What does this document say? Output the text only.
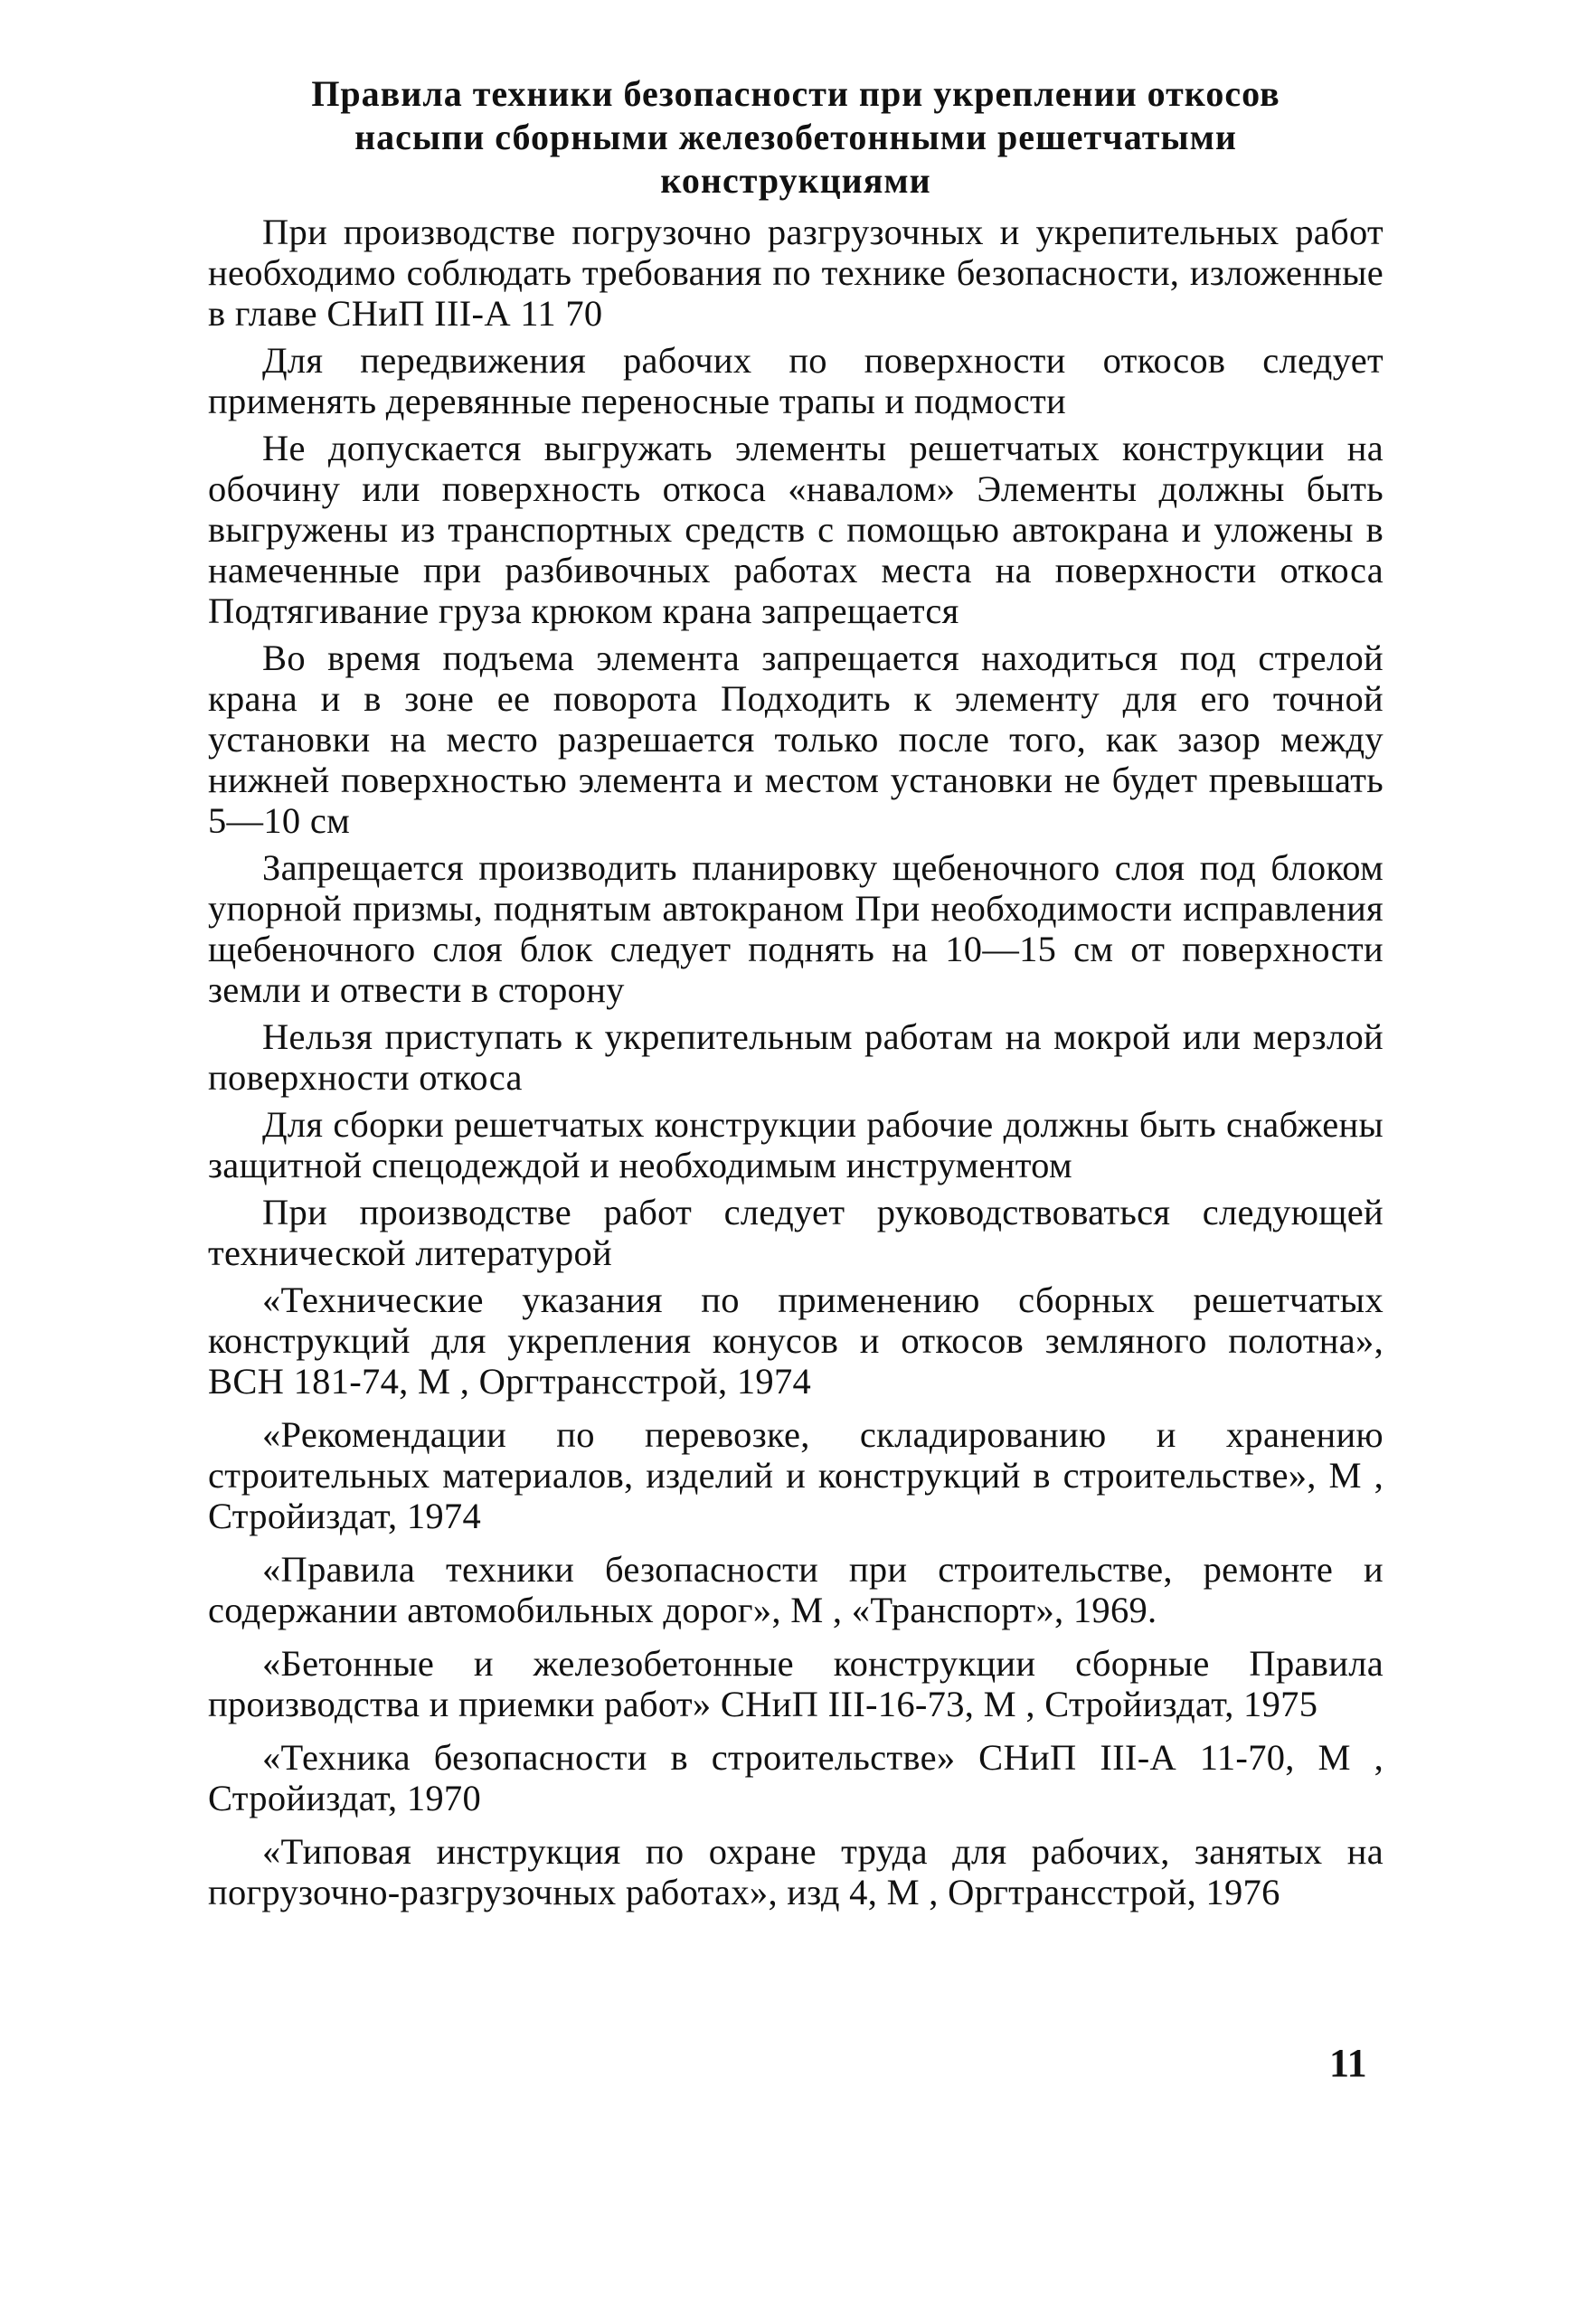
Правила техники безопасности при укреплении откосов
насыпи сборными железобетонными решетчатыми
конструкциями

При производстве погрузочно разгрузочных и укрепительных работ необходимо соблюдать требования по технике безопасности, изложенные в главе СНиП III-А 11 70

Для передвижения рабочих по поверхности откосов следует применять деревянные переносные трапы и подмости

Не допускается выгружать элементы решетчатых конструкции на обочину или поверхность откоса «навалом» Элементы должны быть выгружены из транспортных средств с помощью автокрана и уложены в намеченные при разбивочных работах места на поверхности откоса Подтягивание груза крюком крана запрещается

Во время подъема элемента запрещается находиться под стрелой крана и в зоне ее поворота Подходить к элементу для его точной установки на место разрешается только после того, как зазор между нижней поверхностью элемента и местом установки не будет превышать 5—10 см

Запрещается производить планировку щебеночного слоя под блоком упорной призмы, поднятым автокраном При необходимости исправления щебеночного слоя блок следует поднять на 10—15 см от поверхности земли и отвести в сторону

Нельзя приступать к укрепительным работам на мокрой или мерзлой поверхности откоса

Для сборки решетчатых конструкции рабочие должны быть снабжены защитной спецодеждой и необходимым инструментом

При производстве работ следует руководствоваться следующей технической литературой

«Технические указания по применению сборных решетчатых конструкций для укрепления конусов и откосов земляного полотна», ВСН 181-74, М , Оргтрансстрой, 1974

«Рекомендации по перевозке, складированию и хранению строительных материалов, изделий и конструкций в строительстве», М , Стройиздат, 1974

«Правила техники безопасности при строительстве, ремонте и содержании автомобильных дорог», М , «Транспорт», 1969.

«Бетонные и железобетонные конструкции сборные Правила производства и приемки работ» СНиП III-16-73, М , Стройиздат, 1975

«Техника безопасности в строительстве» СНиП III-А 11-70, М , Стройиздат, 1970

«Типовая инструкция по охране труда для рабочих, занятых на погрузочно-разгрузочных работах», изд 4, М , Оргтрансстрой, 1976

11
